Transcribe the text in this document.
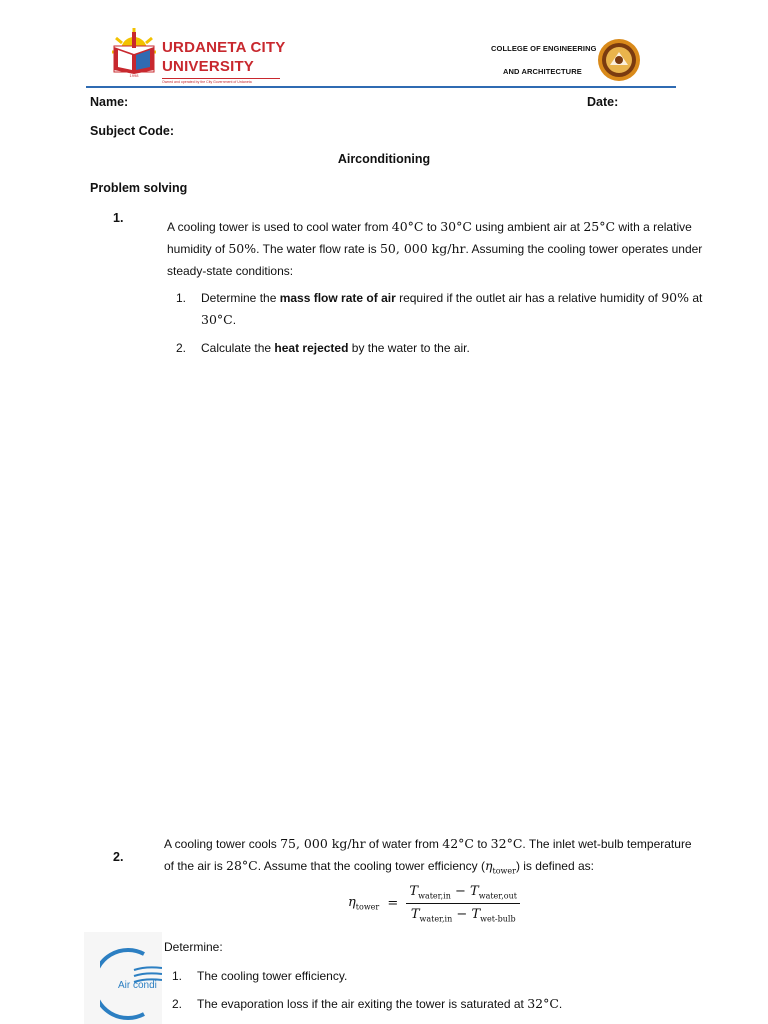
1998
URDANETA CITY
UNIVERSITY
Owned and operated by the City Government of Urdaneta
COLLEGE OF ENGINEERING
AND ARCHITECTURE
Name:	Date:
Subject Code:
Airconditioning
Problem solving
1.
A cooling tower is used to cool water from 40°C to 30°C using ambient air at 25°C with a relative
humidity of 50%. The water flow rate is 50, 000 kg/hr. Assuming the cooling tower operates under
steady-state conditions:
1. Determine the mass flow rate of air required if the outlet air has a relative humidity of 90% at
30°C.
2. Calculate the heat rejected by the water to the air.
2.
A cooling tower cools 75, 000 kg/hr of water from 42°C to 32°C. The inlet wet-bulb temperature
of the air is 28°C. Assume that the cooling tower efficiency $(\eta_{tower})$ is defined as:
$\eta_{tower} = \frac{T_{water,in} - T_{water,out}}{T_{water,in} - T_{wet-bulb}}$
Air condi
Determine:
1. The cooling tower efficiency.
2. The evaporation loss if the air exiting the tower is saturated at 32°C.
